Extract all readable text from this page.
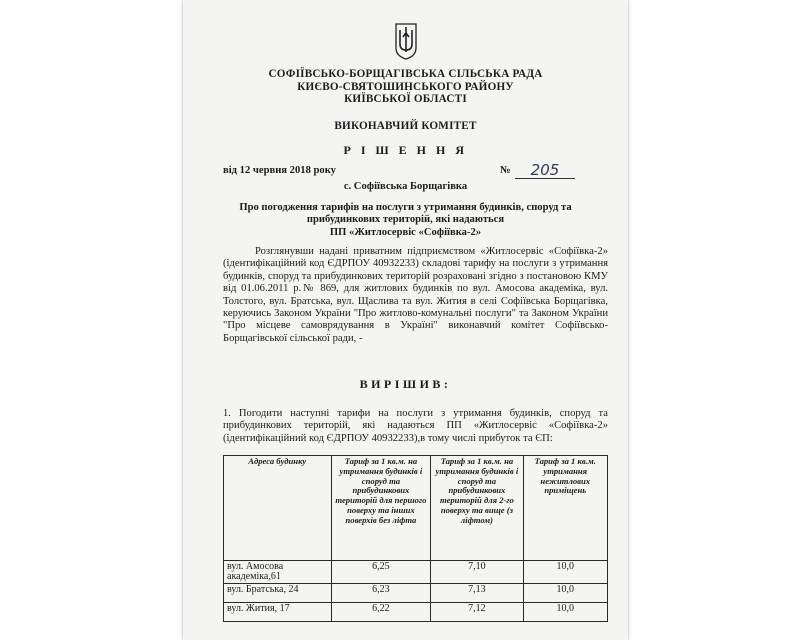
СОФІЇВСЬКО-БОРЩАГІВСЬКА СІЛЬСЬКА РАДА
КИЄВО-СВЯТОШИНСЬКОГО РАЙОНУ
КИЇВСЬКОЇ ОБЛАСТІ
ВИКОНАВЧИЙ КОМІТЕТ
Р І Ш Е Н Н Я
від 12 червня 2018 року	№	205
с. Софіївська Борщагівка
Про погодження тарифів на послуги з утримання будинків, споруд та
прибудинкових територій, які надаються
ПП «Житлосервіс «Софіївка-2»
Розглянувши надані приватним підприємством «Житлосервіс «Софіївка-2» (ідентифікаційний код ЄДРПОУ 40932233) складові тарифу на послуги з утримання будинків, споруд та прибудинкових територій розраховані згідно з постановою КМУ від 01.06.2011 р.№ 869, для житлових будинків по вул. Амосова академіка, вул. Толстого, вул. Братська, вул. Щаслива та вул. Жития в селі Софіївська Борщагівка, керуючись Законом України "Про житлово-комунальні послуги" та Законом України "Про місцеве самоврядування в Україні" виконавчий комітет Софіївсько-Борщагівської сільської ради, -
ВИРІШИВ:
1. Погодити наступні тарифи на послуги з утримання будинків, споруд та прибудинкових територій, які надаються ПП «Житлосервіс «Софіївка-2» (ідентифікаційний код ЄДРПОУ 40932233),в тому числі прибуток та ЄП:
Адреса будинку	Тариф за 1 кв.м. на утримання будинків і споруд та прибудинкових територій для першого поверху та інших поверхів без ліфта	Тариф за 1 кв.м. на утримання будинків і споруд та прибудинкових територій для 2-го поверху та вище (з ліфтом)	Тариф за 1 кв.м. утримання нежитлових приміщень
вул. Амосова академіка,61	6,25	7,10	10,0
вул. Братська, 24	6,23	7,13	10,0
вул. Жития, 17	6,22	7,12	10,0
